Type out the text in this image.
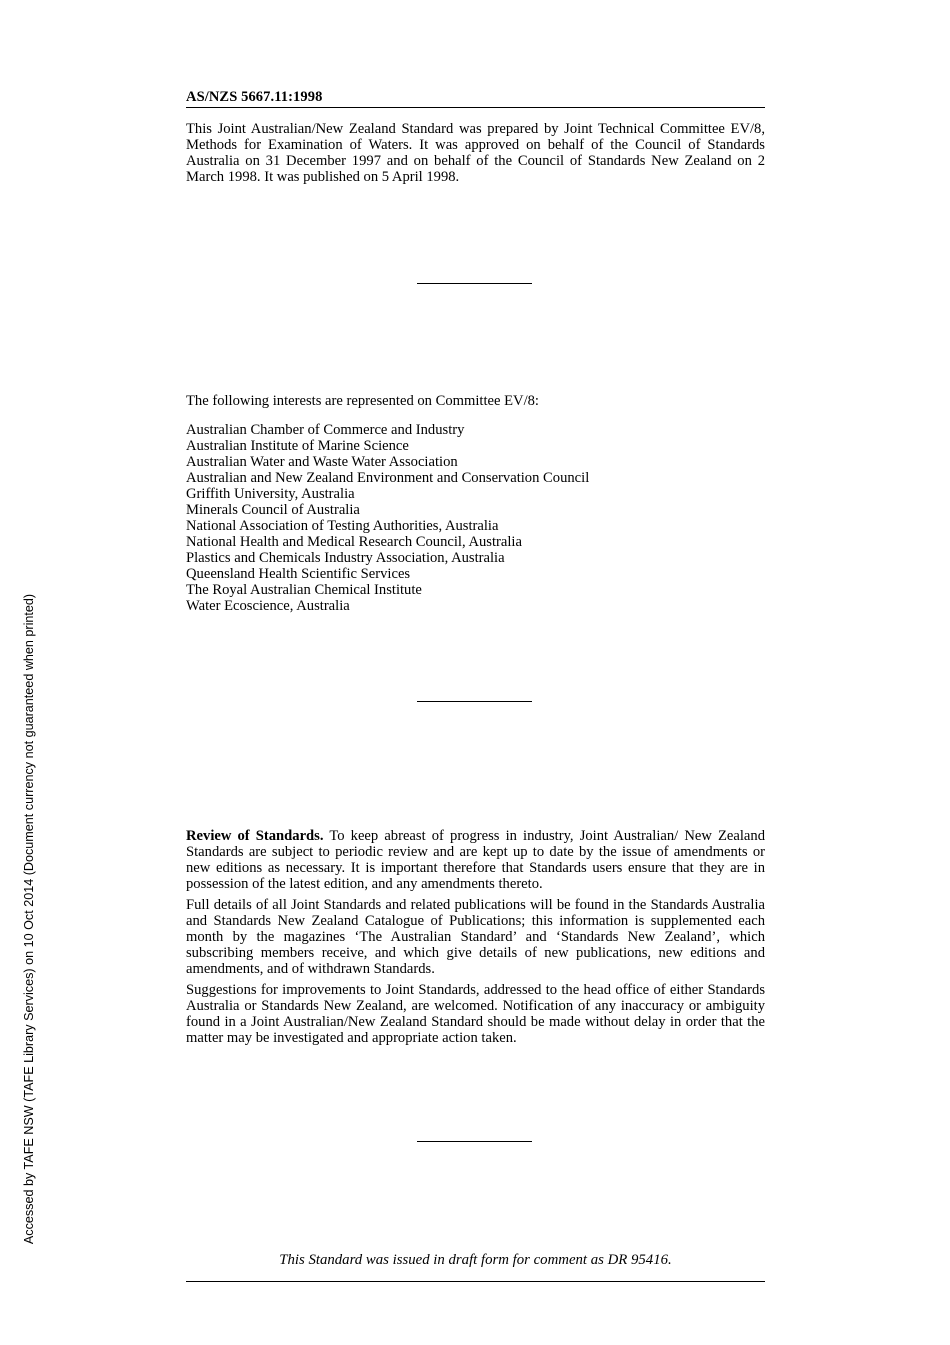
AS/NZS 5667.11:1998
This Joint Australian/New Zealand Standard was prepared by Joint Technical Committee EV/8, Methods for Examination of Waters. It was approved on behalf of the Council of Standards Australia on 31 December 1997 and on behalf of the Council of Standards New Zealand on 2 March 1998. It was published on 5 April 1998.
The following interests are represented on Committee EV/8:
Australian Chamber of Commerce and Industry
Australian Institute of Marine Science
Australian Water and Waste Water Association
Australian and New Zealand Environment and Conservation Council
Griffith University, Australia
Minerals Council of Australia
National Association of Testing Authorities, Australia
National Health and Medical Research Council, Australia
Plastics and Chemicals Industry Association, Australia
Queensland Health Scientific Services
The Royal Australian Chemical Institute
Water Ecoscience, Australia
Review of Standards. To keep abreast of progress in industry, Joint Australian/ New Zealand Standards are subject to periodic review and are kept up to date by the issue of amendments or new editions as necessary. It is important therefore that Standards users ensure that they are in possession of the latest edition, and any amendments thereto.
Full details of all Joint Standards and related publications will be found in the Standards Australia and Standards New Zealand Catalogue of Publications; this information is supplemented each month by the magazines ‘The Australian Standard’ and ‘Standards New Zealand’, which subscribing members receive, and which give details of new publications, new editions and amendments, and of withdrawn Standards.
Suggestions for improvements to Joint Standards, addressed to the head office of either Standards Australia or Standards New Zealand, are welcomed. Notification of any inaccuracy or ambiguity found in a Joint Australian/New Zealand Standard should be made without delay in order that the matter may be investigated and appropriate action taken.
This Standard was issued in draft form for comment as DR 95416.
Accessed by TAFE NSW (TAFE Library Services) on 10 Oct 2014 (Document currency not guaranteed when printed)
